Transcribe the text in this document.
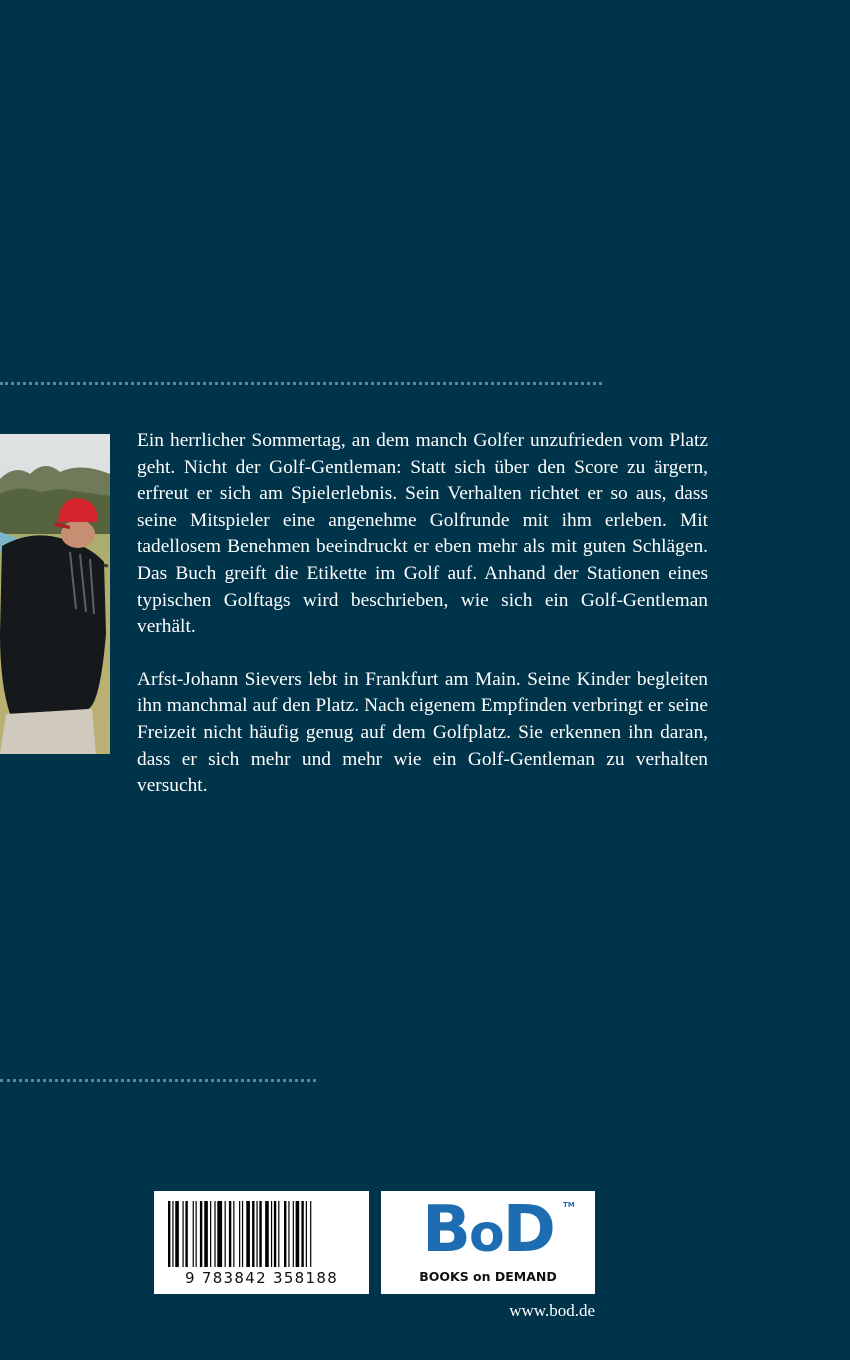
Ein herrlicher Sommertag, an dem manch Golfer unzufrieden vom Platz geht. Nicht der Golf-Gentleman: Statt sich über den Score zu ärgern, erfreut er sich am Spielerlebnis. Sein Verhalten richtet er so aus, dass seine Mitspieler eine angenehme Golfrunde mit ihm erleben. Mit tadellosem Benehmen beeindruckt er eben mehr als mit guten Schlägen. Das Buch greift die Etikette im Golf auf. Anhand der Stationen eines typischen Golftags wird beschrieben, wie sich ein Golf-Gentleman verhält.

Arfst-Johann Sievers lebt in Frankfurt am Main. Seine Kinder begleiten ihn manchmal auf den Platz. Nach eigenem Empfinden verbringt er seine Freizeit nicht häufig genug auf dem Golfplatz. Sie erkennen ihn daran, dass er sich mehr und mehr wie ein Golf-Gentleman zu verhalten versucht.

9 783842 358188
BoD	TM
BOOKS on DEMAND
www.bod.de
